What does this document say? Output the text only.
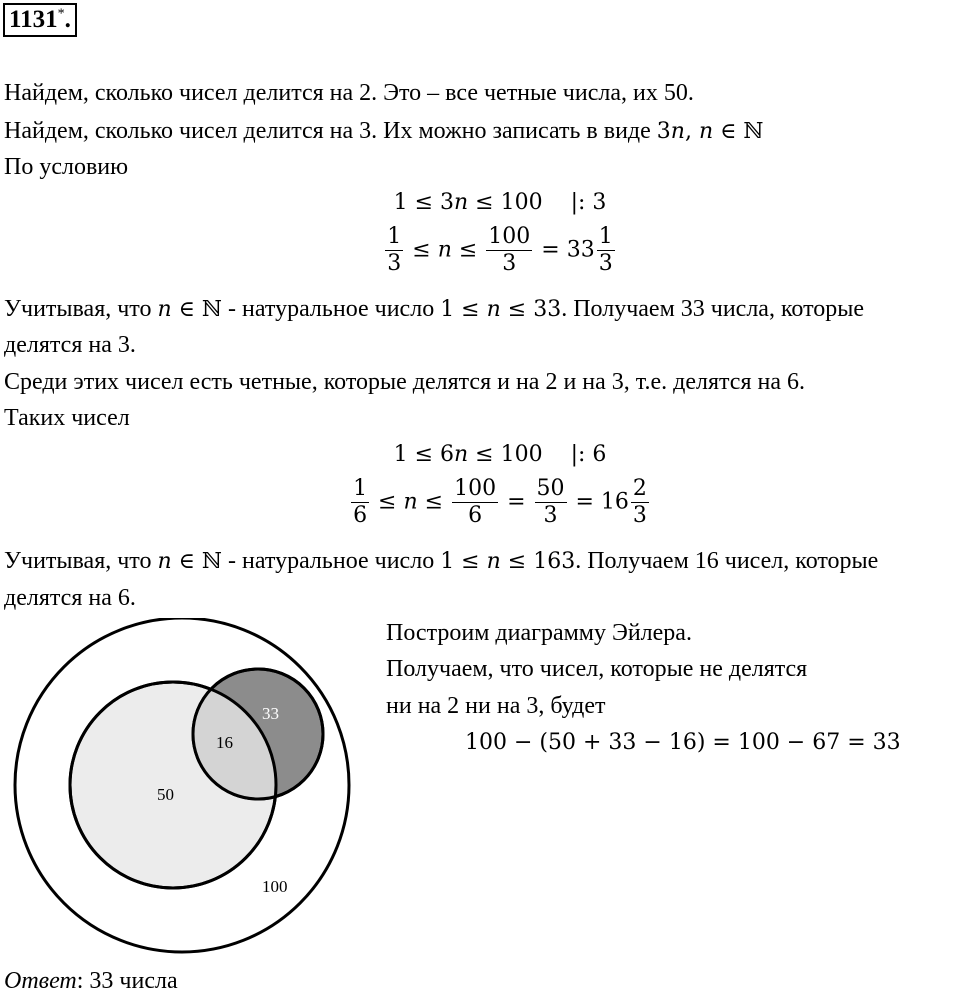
1131*.
Найдем, сколько чисел делится на 2. Это – все четные числа, их 50.
Найдем, сколько чисел делится на 3. Их можно записать в виде 3n, n ∈ ℕ
По условию
1 ≤ 3n ≤ 100    |: 3
$\frac{1}{3} \le n \le \frac{100}{3} = 33 \frac{1}{3}$
Учитывая, что n ∈ ℕ - натуральное число 1 ≤ n ≤ 33. Получаем 33 числа, которые
делятся на 3.
Среди этих чисел есть четные, которые делятся и на 2 и на 3, т.е. делятся на 6.
Таких чисел
1 ≤ 6n ≤ 100    |: 6
$\frac{1}{6} \le n \le \frac{100}{6} = \frac{50}{3} = 16 \frac{2}{3}$
Учитывая, что n ∈ ℕ - натуральное число 1 ≤ n ≤ 163. Получаем 16 чисел, которые
делятся на 6.
50
16
33
100
Построим диаграмму Эйлера.
Получаем, что чисел, которые не делятся
ни на 2 ни на 3, будет
100 − (50 + 33 − 16) = 100 − 67 = 33
Ответ: 33 числа
